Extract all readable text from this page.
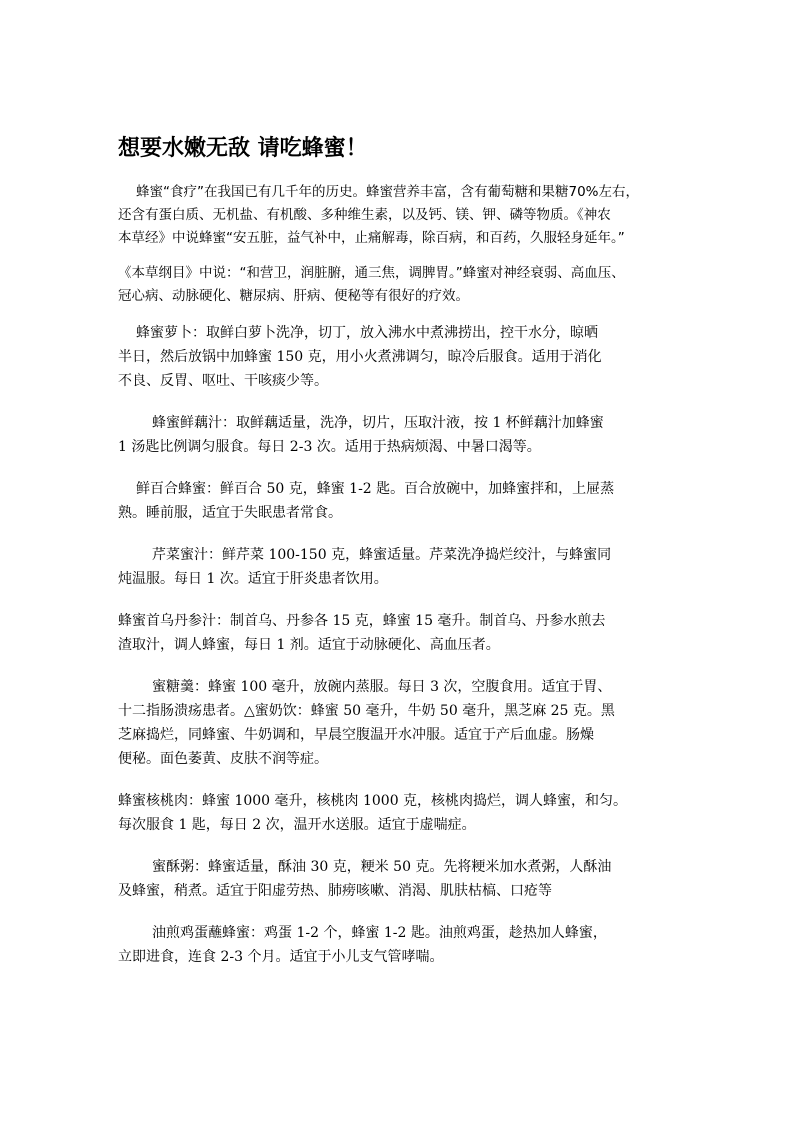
想要水嫩无敌 请吃蜂蜜！

蜂蜜“食疗”在我国已有几千年的历史。蜂蜜营养丰富，含有葡萄糖和果糖70%左右，
还含有蛋白质、无机盐、有机酸、多种维生素，以及钙、镁、钾、磷等物质。《神农
本草经》中说蜂蜜“安五脏，益气补中，止痛解毒，除百病，和百药，久服轻身延年。”

《本草纲目》中说：“和营卫，润脏腑，通三焦，调脾胃。”蜂蜜对神经衰弱、高血压、
冠心病、动脉硬化、糖尿病、肝病、便秘等有很好的疗效。

蜂蜜萝卜：取鲜白萝卜洗净，切丁，放入沸水中煮沸捞出，控干水分，晾晒
半日，然后放锅中加蜂蜜 150 克，用小火煮沸调匀，晾冷后服食。适用于消化
不良、反胃、呕吐、干咳痰少等。

蜂蜜鲜藕汁：取鲜藕适量，洗净，切片，压取汁液，按 1 杯鲜藕汁加蜂蜜
1 汤匙比例调匀服食。每日 2-3 次。适用于热病烦渴、中暑口渴等。

鲜百合蜂蜜：鲜百合 50 克，蜂蜜 1-2 匙。百合放碗中，加蜂蜜拌和，上屉蒸
熟。睡前服，适宜于失眠患者常食。

芹菜蜜汁：鲜芹菜 100-150 克，蜂蜜适量。芹菜洗净捣烂绞汁，与蜂蜜同
炖温服。每日 1 次。适宜于肝炎患者饮用。

蜂蜜首乌丹参汁：制首乌、丹参各 15 克，蜂蜜 15 毫升。制首乌、丹参水煎去
渣取汁，调人蜂蜜，每日 1 剂。适宜于动脉硬化、高血压者。

蜜糖羹：蜂蜜 100 毫升，放碗内蒸服。每日 3 次，空腹食用。适宜于胃、
十二指肠溃疡患者。△蜜奶饮：蜂蜜 50 毫升，牛奶 50 毫升，黑芝麻 25 克。黑
芝麻捣烂，同蜂蜜、牛奶调和，早晨空腹温开水冲服。适宜于产后血虚。肠燥
便秘。面色萎黄、皮肤不润等症。

蜂蜜核桃肉：蜂蜜 1000 毫升，核桃肉 1000 克，核桃肉捣烂，调人蜂蜜，和匀。
每次服食 1 匙，每日 2 次，温开水送服。适宜于虚喘症。

蜜酥粥：蜂蜜适量，酥油 30 克，粳米 50 克。先将粳米加水煮粥，人酥油
及蜂蜜，稍煮。适宜于阳虚劳热、肺痨咳嗽、消渴、肌肤枯槁、口疮等

油煎鸡蛋蘸蜂蜜：鸡蛋 1-2 个，蜂蜜 1-2 匙。油煎鸡蛋，趁热加人蜂蜜，
立即进食，连食 2-3 个月。适宜于小儿支气管哮喘。
